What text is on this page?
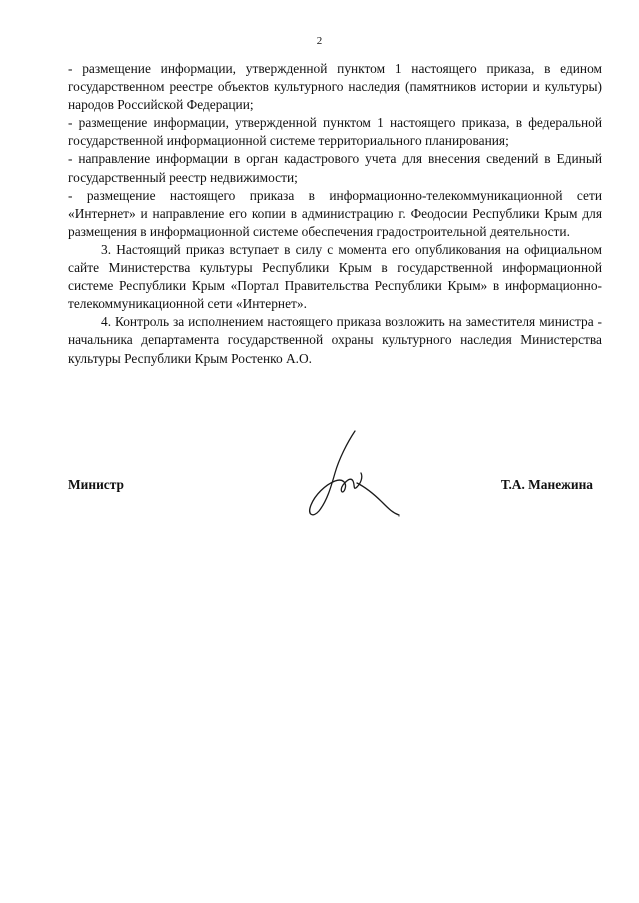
2

- размещение информации, утвержденной пунктом 1 настоящего приказа, в едином государственном реестре объектов культурного наследия (памятников истории и культуры) народов Российской Федерации;

- размещение информации, утвержденной пунктом 1 настоящего приказа, в федеральной государственной информационной системе территориального планирования;

- направление информации в орган кадастрового учета для внесения сведений в Единый государственный реестр недвижимости;

- размещение настоящего приказа в информационно-телекоммуникационной сети «Интернет» и направление его копии в администрацию г. Феодосии Республики Крым для размещения в информационной системе обеспечения градостроительной деятельности.

3. Настоящий приказ вступает в силу с момента его опубликования на официальном сайте Министерства культуры Республики Крым в государственной информационной системе Республики Крым «Портал Правительства Республики Крым» в информационно-телекоммуникационной сети «Интернет».

4. Контроль за исполнением настоящего приказа возложить на заместителя министра - начальника департамента государственной охраны культурного наследия Министерства культуры Республики Крым Ростенко А.О.

Министр	Т.А. Манежина
